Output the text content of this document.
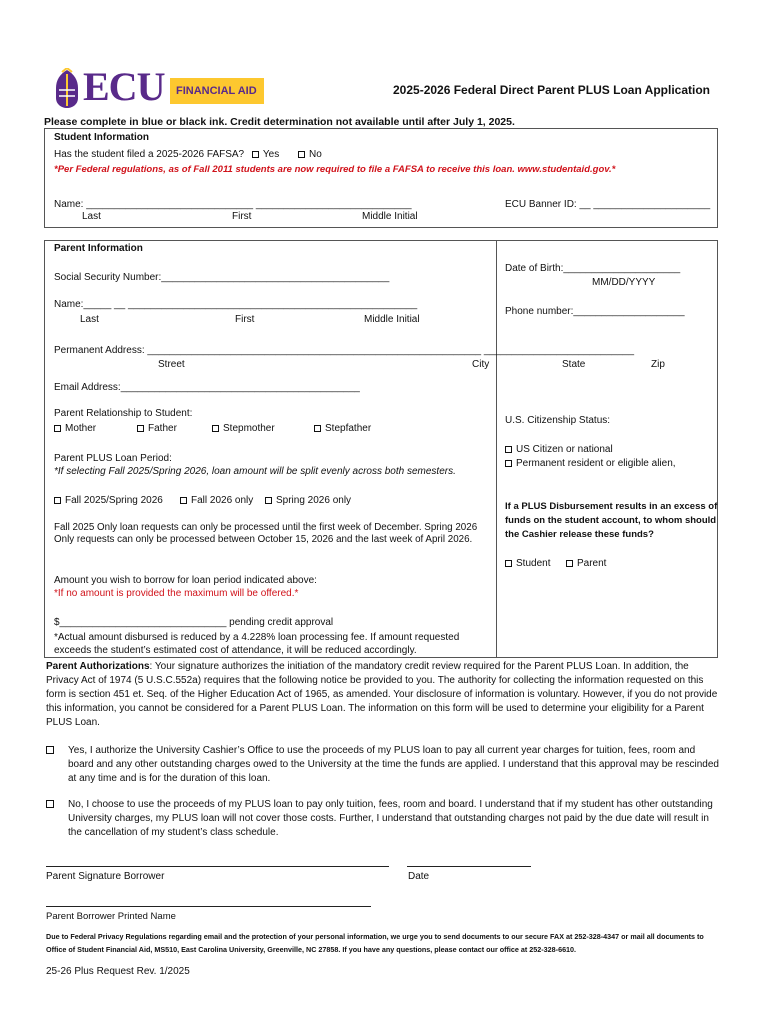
ECU FINANCIAL AID	2025-2026 Federal Direct Parent PLUS Loan Application
Please complete in blue or black ink. Credit determination not available until after July 1, 2025.
Student Information
Has the student filed a 2025-2026 FAFSA? Yes	No
*Per Federal regulations, as of Fall 2011 students are now required to file a FAFSA to receive this loan. www.studentaid.gov.*
Name: ______________________________ ____________________________
Last	First	Middle Initial
ECU Banner ID: __ _____________________
Parent Information
Social Security Number:_________________________________________
Date of Birth:_____________________
MM/DD/YYYY
Name:_____ __ ____________________________________________________
Last	First	Middle Initial
Phone number:____________________
Permanent Address: ____________________________________________________________ ___________________________
Street	City	State	Zip
Email Address:___________________________________________
Parent Relationship to Student:
Mother	Father	Stepmother	Stepfather
U.S. Citizenship Status:
US Citizen or national
Permanent resident or eligible alien,
Parent PLUS Loan Period:
*If selecting Fall 2025/Spring 2026, loan amount will be split evenly across both semesters.
Fall 2025/Spring 2026	Fall 2026 only	Spring 2026 only
If a PLUS Disbursement results in an excess of funds on the student account, to whom should the Cashier release these funds?
Student	Parent
Fall 2025 Only loan requests can only be processed until the first week of December. Spring 2026 Only requests can only be processed between October 15, 2026 and the last week of April 2026.
Amount you wish to borrow for loan period indicated above:
*If no amount is provided the maximum will be offered.*
$______________________________ pending credit approval
*Actual amount disbursed is reduced by a 4.228% loan processing fee. If amount requested exceeds the student’s estimated cost of attendance, it will be reduced accordingly.
Parent Authorizations: Your signature authorizes the initiation of the mandatory credit review required for the Parent PLUS Loan. In addition, the Privacy Act of 1974 (5 U.S.C.552a) requires that the following notice be provided to you. The authority for collecting the information requested on this form is section 451 et. Seq. of the Higher Education Act of 1965, as amended. Your disclosure of information is voluntary. However, if you do not provide this information, you cannot be considered for a Parent PLUS Loan. The information on this form will be used to determine your eligibility for a Parent PLUS Loan.
Yes, I authorize the University Cashier’s Office to use the proceeds of my PLUS loan to pay all current year charges for tuition, fees, room and board and any other outstanding charges owed to the University at the time the funds are applied. I understand that this approval may be rescinded at any time and is for the duration of this loan.
No, I choose to use the proceeds of my PLUS loan to pay only tuition, fees, room and board. I understand that if my student has other outstanding University charges, my PLUS loan will not cover those costs. Further, I understand that outstanding charges not paid by the due date will result in the cancellation of my student’s class schedule.
Parent Signature Borrower	Date
Parent Borrower Printed Name
Due to Federal Privacy Regulations regarding email and the protection of your personal information, we urge you to send documents to our secure FAX at 252-328-4347 or mail all documents to Office of Student Financial Aid, MS510, East Carolina University, Greenville, NC 27858. If you have any questions, please contact our office at 252-328-6610.
25-26 Plus Request Rev. 1/2025
